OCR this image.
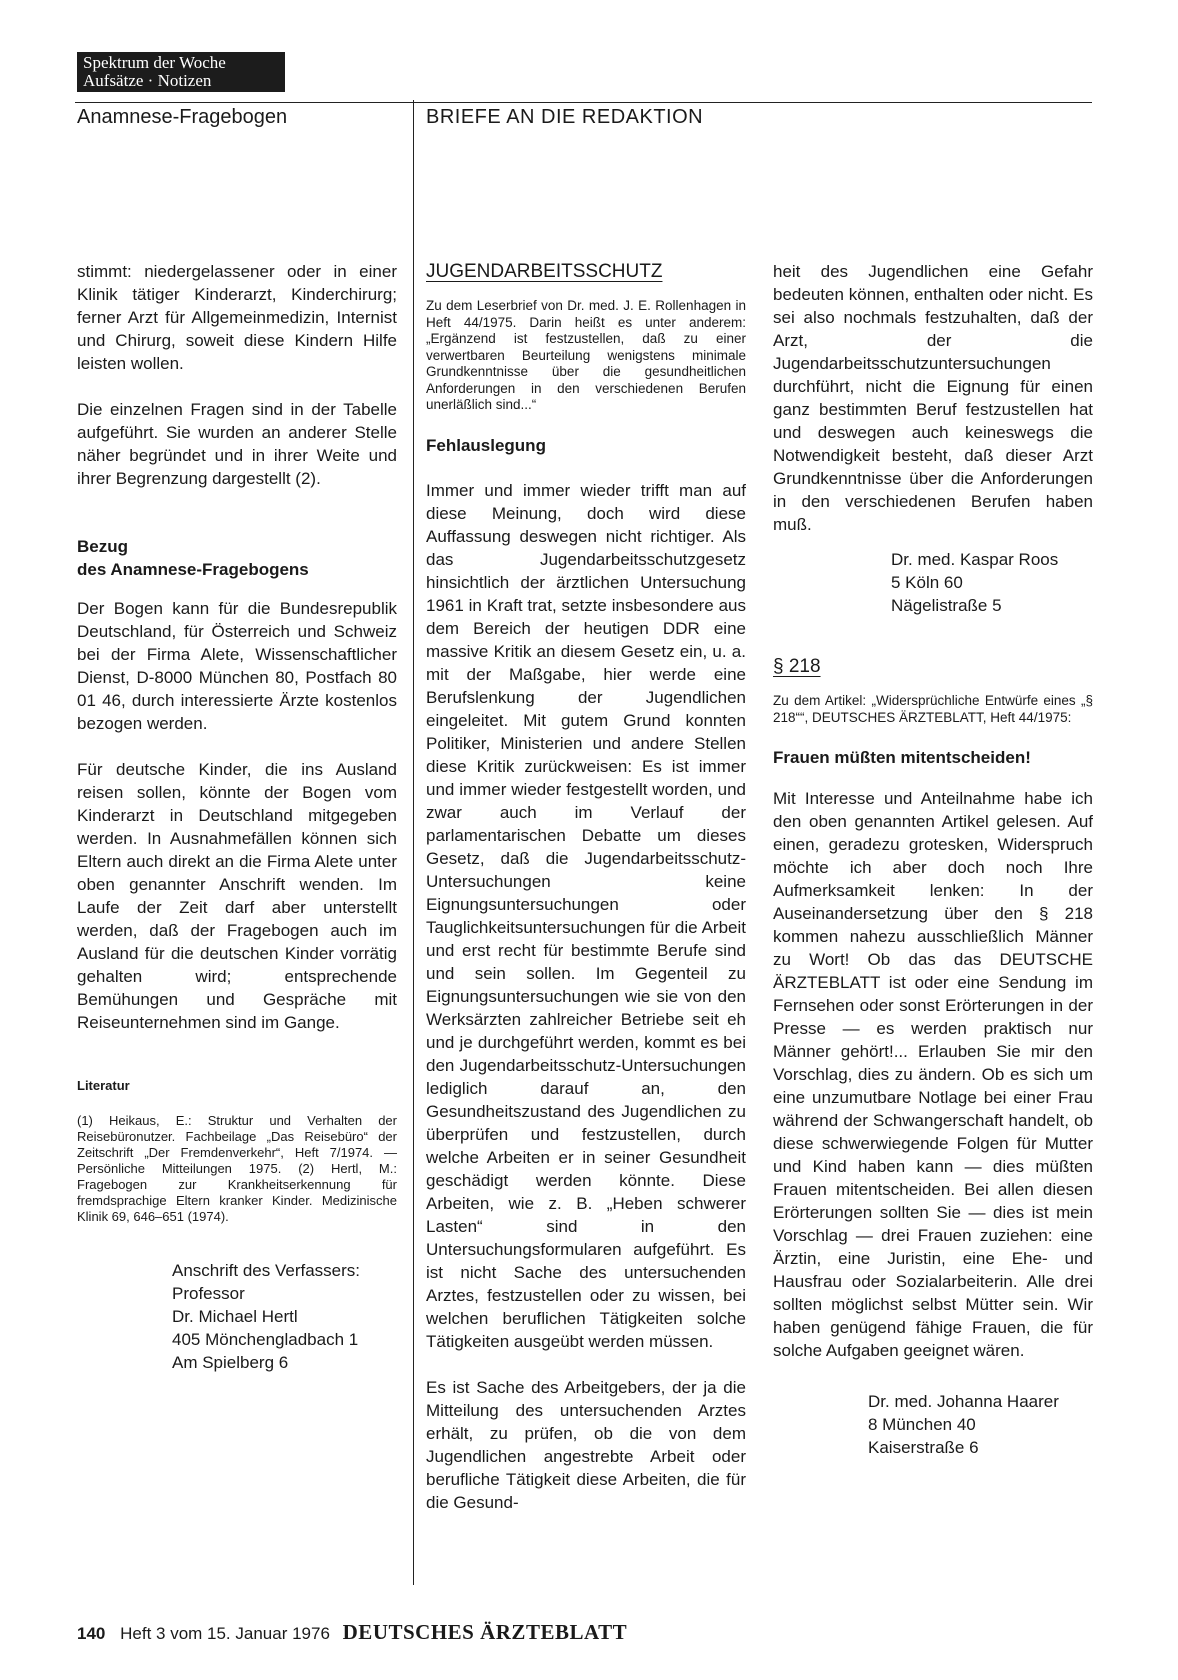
Spektrum der Woche
Aufsätze · Notizen
Anamnese-Fragebogen	BRIEFE AN DIE REDAKTION

stimmt: niedergelassener oder in einer Klinik tätiger Kinderarzt, Kinderchirurg; ferner Arzt für Allgemeinmedizin, Internist und Chirurg, soweit diese Kindern Hilfe leisten wollen.

Die einzelnen Fragen sind in der Tabelle aufgeführt. Sie wurden an anderer Stelle näher begründet und in ihrer Weite und ihrer Begrenzung dargestellt (2).

Bezug
des Anamnese-Fragebogens

Der Bogen kann für die Bundesrepublik Deutschland, für Österreich und Schweiz bei der Firma Alete, Wissenschaftlicher Dienst, D-8000 München 80, Postfach 80 01 46, durch interessierte Ärzte kostenlos bezogen werden.

Für deutsche Kinder, die ins Ausland reisen sollen, könnte der Bogen vom Kinderarzt in Deutschland mitgegeben werden. In Ausnahmefällen können sich Eltern auch direkt an die Firma Alete unter oben genannter Anschrift wenden. Im Laufe der Zeit darf aber unterstellt werden, daß der Fragebogen auch im Ausland für die deutschen Kinder vorrätig gehalten wird; entsprechende Bemühungen und Gespräche mit Reiseunternehmen sind im Gange.

Literatur

(1) Heikaus, E.: Struktur und Verhalten der Reisebüronutzer. Fachbeilage „Das Reisebüro“ der Zeitschrift „Der Fremdenverkehr“, Heft 7/1974. — Persönliche Mitteilungen 1975. (2) Hertl, M.: Fragebogen zur Krankheitserkennung für fremdsprachige Eltern kranker Kinder. Medizinische Klinik 69, 646–651 (1974).

Anschrift des Verfassers:
Professor
Dr. Michael Hertl
405 Mönchengladbach 1
Am Spielberg 6
JUGENDARBEITSSCHUTZ

Zu dem Leserbrief von Dr. med. J. E. Rollenhagen in Heft 44/1975. Darin heißt es unter anderem: „Ergänzend ist festzustellen, daß zu einer verwertbaren Beurteilung wenigstens minimale Grundkenntnisse über die gesundheitlichen Anforderungen in den verschiedenen Berufen unerläßlich sind...“

Fehlauslegung

Immer und immer wieder trifft man auf diese Meinung, doch wird diese Auffassung deswegen nicht richtiger. Als das Jugendarbeitsschutzgesetz hinsichtlich der ärztlichen Untersuchung 1961 in Kraft trat, setzte insbesondere aus dem Bereich der heutigen DDR eine massive Kritik an diesem Gesetz ein, u. a. mit der Maßgabe, hier werde eine Berufslenkung der Jugendlichen eingeleitet. Mit gutem Grund konnten Politiker, Ministerien und andere Stellen diese Kritik zurückweisen: Es ist immer und immer wieder festgestellt worden, und zwar auch im Verlauf der parlamentarischen Debatte um dieses Gesetz, daß die Jugendarbeitsschutz-Untersuchungen keine Eignungsuntersuchungen oder Tauglichkeitsuntersuchungen für die Arbeit und erst recht für bestimmte Berufe sind und sein sollen. Im Gegenteil zu Eignungsuntersuchungen wie sie von den Werksärzten zahlreicher Betriebe seit eh und je durchgeführt werden, kommt es bei den Jugendarbeitsschutz-Untersuchungen lediglich darauf an, den Gesundheitszustand des Jugendlichen zu überprüfen und festzustellen, durch welche Arbeiten er in seiner Gesundheit geschädigt werden könnte. Diese Arbeiten, wie z. B. „Heben schwerer Lasten“ sind in den Untersuchungsformularen aufgeführt. Es ist nicht Sache des untersuchenden Arztes, festzustellen oder zu wissen, bei welchen beruflichen Tätigkeiten solche Tätigkeiten ausgeübt werden müssen.

Es ist Sache des Arbeitgebers, der ja die Mitteilung des untersuchenden Arztes erhält, zu prüfen, ob die von dem Jugendlichen angestrebte Arbeit oder berufliche Tätigkeit diese Arbeiten, die für die Gesund-

heit des Jugendlichen eine Gefahr bedeuten können, enthalten oder nicht. Es sei also nochmals festzuhalten, daß der Arzt, der die Jugendarbeitsschutzuntersuchungen durchführt, nicht die Eignung für einen ganz bestimmten Beruf festzustellen hat und deswegen auch keineswegs die Notwendigkeit besteht, daß dieser Arzt Grundkenntnisse über die Anforderungen in den verschiedenen Berufen haben muß.

Dr. med. Kaspar Roos
5 Köln 60
Nägelistraße 5
§ 218

Zu dem Artikel: „Widersprüchliche Entwürfe eines „§ 218““, DEUTSCHES ÄRZTEBLATT, Heft 44/1975:

Frauen müßten mitentscheiden!

Mit Interesse und Anteilnahme habe ich den oben genannten Artikel gelesen. Auf einen, geradezu grotesken, Widerspruch möchte ich aber doch noch Ihre Aufmerksamkeit lenken: In der Auseinandersetzung über den § 218 kommen nahezu ausschließlich Männer zu Wort! Ob das das DEUTSCHE ÄRZTEBLATT ist oder eine Sendung im Fernsehen oder sonst Erörterungen in der Presse — es werden praktisch nur Männer gehört!... Erlauben Sie mir den Vorschlag, dies zu ändern. Ob es sich um eine unzumutbare Notlage bei einer Frau während der Schwangerschaft handelt, ob diese schwerwiegende Folgen für Mutter und Kind haben kann — dies müßten Frauen mitentscheiden. Bei allen diesen Erörterungen sollten Sie — dies ist mein Vorschlag — drei Frauen zuziehen: eine Ärztin, eine Juristin, eine Ehe- und Hausfrau oder Sozialarbeiterin. Alle drei sollten möglichst selbst Mütter sein. Wir haben genügend fähige Frauen, die für solche Aufgaben geeignet wären.

Dr. med. Johanna Haarer
8 München 40
Kaiserstraße 6
140 Heft 3 vom 15. Januar 1976 DEUTSCHES ÄRZTEBLATT
